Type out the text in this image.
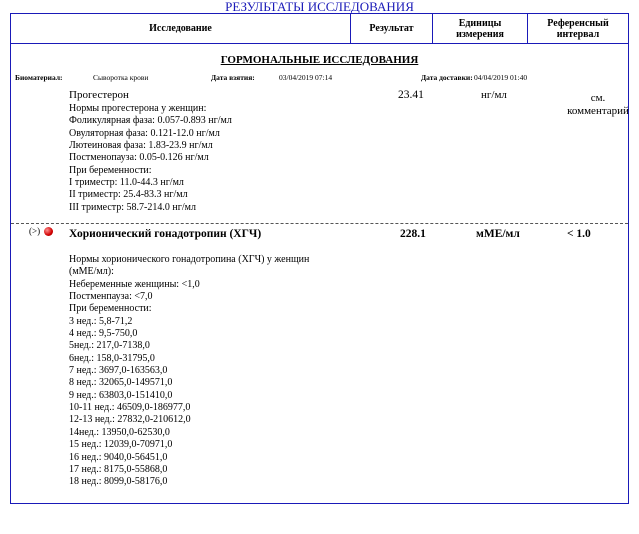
РЕЗУЛЬТАТЫ ИССЛЕДОВАНИЯ
Исследование	Результат	Единицы
измерения
Референсный
интервал
ГОРМОНАЛЬНЫЕ ИССЛЕДОВАНИЯ
Биоматериал:	Сыворотка крови	Дата взятия:	03/04/2019 07:14	Дата доставки: 04/04/2019 01:40
Прогестерон	23.41	нг/мл	см.
комментарий
Нормы прогестерона у женщин:
Фоликулярная фаза: 0.057-0.893 нг/мл
Овуляторная фаза: 0.121-12.0 нг/мл
Лютеиновая фаза: 1.83-23.9 нг/мл
Постменопауза: 0.05-0.126 нг/мл
При беременности:
I триместр: 11.0-44.3 нг/мл
II триместр: 25.4-83.3 нг/мл
III триместр: 58.7-214.0 нг/мл
(>)	Хорионический гонадотропин (ХГЧ)	228.1	мМЕ/мл	< 1.0
Нормы хорионического гонадотропина (ХГЧ) у женщин
(мМЕ/мл):
Небеременные женщины: <1,0
Постменпауза: <7,0
При беременности:
3 нед.: 5,8-71,2
4 нед.: 9,5-750,0
5нед.: 217,0-7138,0
6нед.: 158,0-31795,0
7 нед.: 3697,0-163563,0
8 нед.: 32065,0-149571,0
9 нед.: 63803,0-151410,0
10-11 нед.: 46509,0-186977,0
12-13 нед.: 27832,0-210612,0
14нед.: 13950,0-62530,0
15 нед.: 12039,0-70971,0
16 нед.: 9040,0-56451,0
17 нед.: 8175,0-55868,0
18 нед.: 8099,0-58176,0
